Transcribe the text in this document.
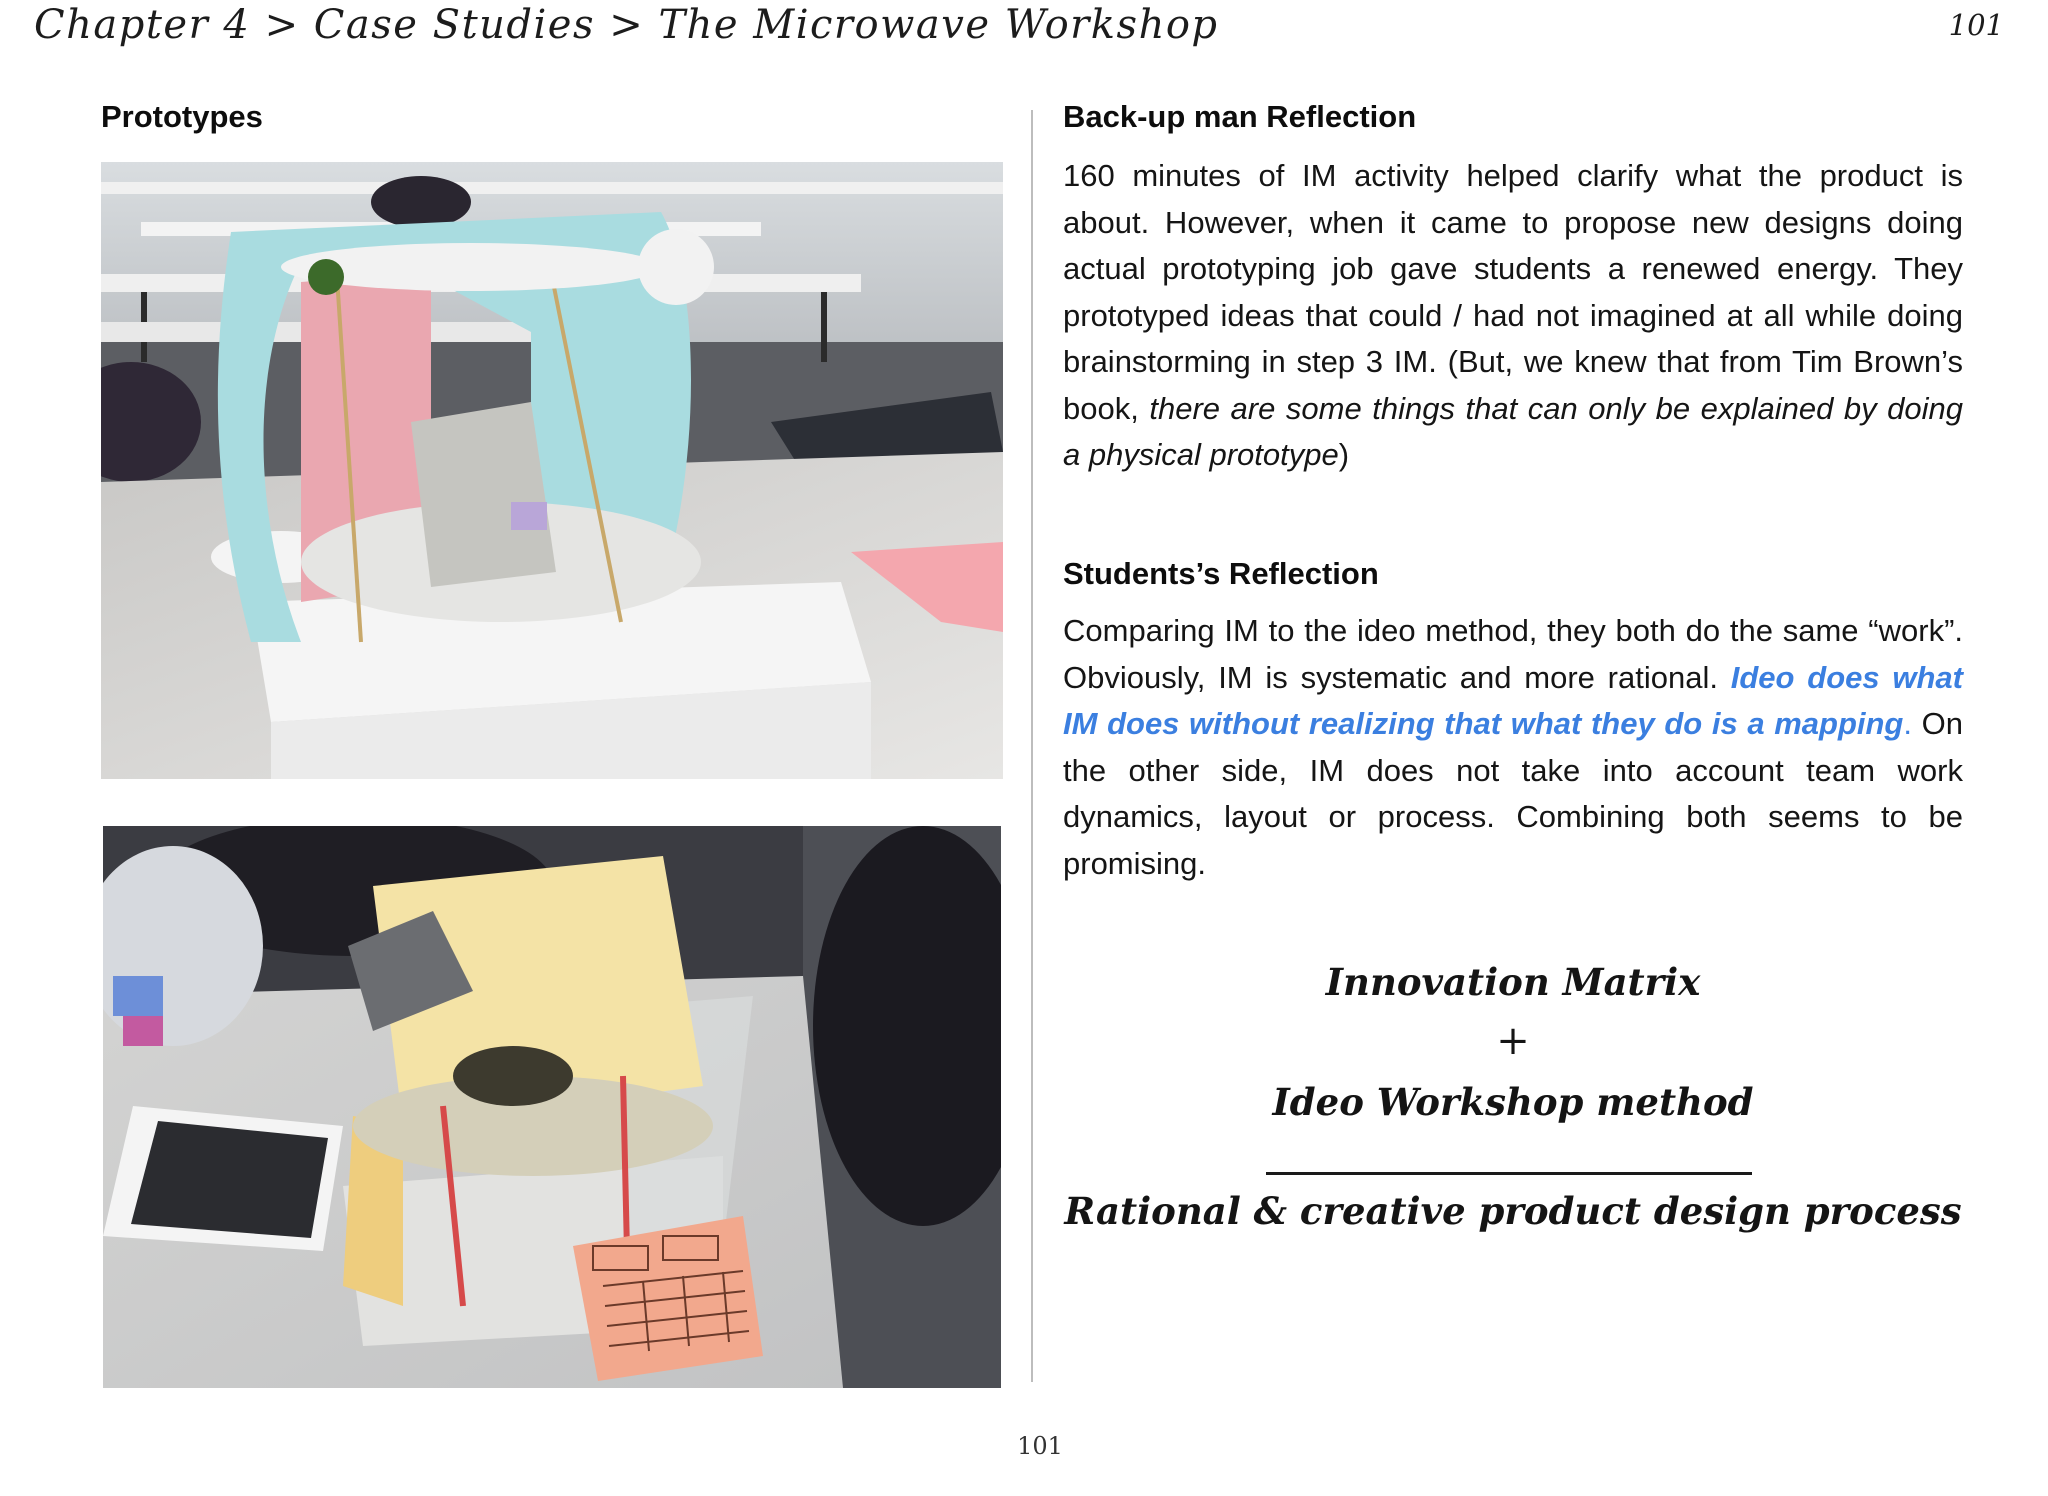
Chapter 4 > Case Studies > The Microwave Workshop	101
Prototypes	Back-up man Reflection
160 minutes of IM activity helped clarify what the product is about. However, when it came to propose new designs doing actual prototyping job gave students a renewed energy. They prototyped ideas that could / had not imagined at all while doing brainstorming in step 3 IM. (But, we knew that from Tim Brown’s book, there are some things that can only be explained by doing a physical prototype)
Students’s Reflection
Comparing IM to the ideo method, they both do the same “work”. Obviously, IM is systematic and more rational. Ideo does what IM does without realizing that what they do is a mapping. On the other side, IM does not take into account team work dynamics, layout or process. Combining both seems to be promising.
Innovation Matrix
+
Ideo Workshop method
Rational & creative product design process
101
